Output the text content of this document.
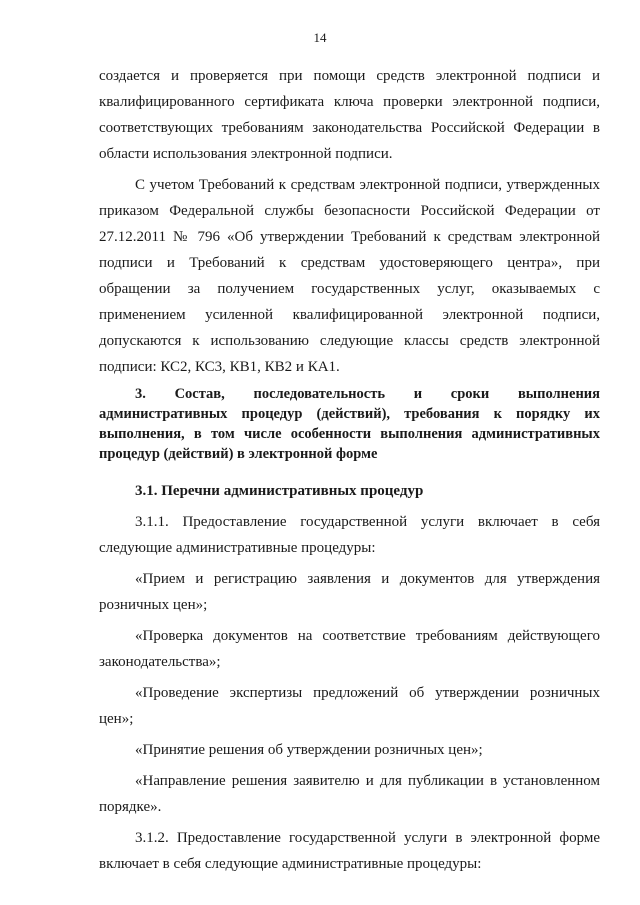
14

создается и проверяется при помощи средств электронной подписи и квалифицированного сертификата ключа проверки электронной подписи, соответствующих требованиям законодательства Российской Федерации в области использования электронной подписи.

С учетом Требований к средствам электронной подписи, утвержденных приказом Федеральной службы безопасности Российской Федерации от 27.12.2011 № 796 «Об утверждении Требований к средствам электронной подписи и Требований к средствам удостоверяющего центра», при обращении за получением государственных услуг, оказываемых с применением усиленной квалифицированной электронной подписи, допускаются к использованию следующие классы средств электронной подписи: КС2, КС3, КВ1, КВ2 и КА1.

3. Состав, последовательность и сроки выполнения административных процедур (действий), требования к порядку их выполнения, в том числе особенности выполнения административных процедур (действий) в электронной форме

3.1. Перечни административных процедур

3.1.1. Предоставление государственной услуги включает в себя следующие административные процедуры:

«Прием и регистрацию заявления и документов для утверждения розничных цен»;

«Проверка документов на соответствие требованиям действующего законодательства»;

«Проведение экспертизы предложений об утверждении розничных цен»;

«Принятие решения об утверждении розничных цен»;

«Направление решения заявителю и для публикации в установленном порядке».

3.1.2. Предоставление государственной услуги в электронной форме включает в себя следующие административные процедуры:
